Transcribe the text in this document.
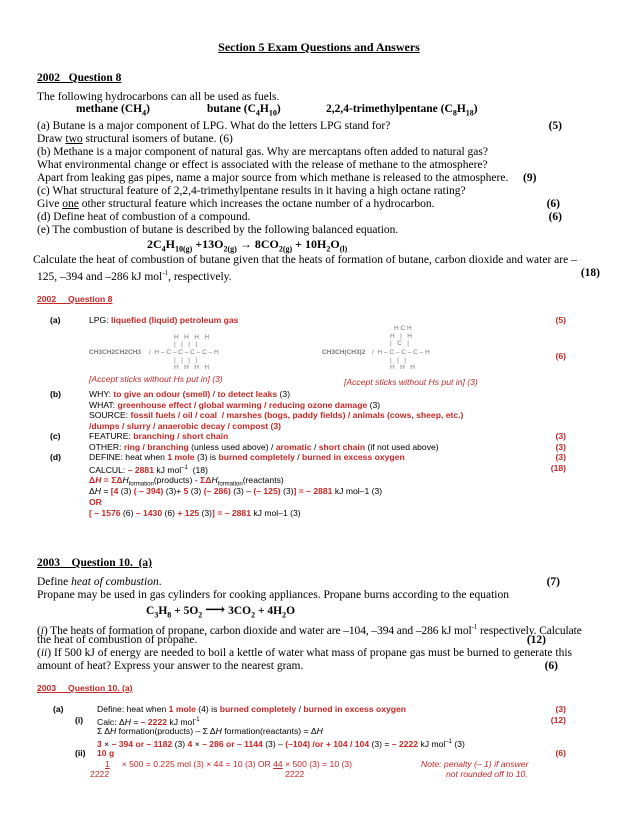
Section 5 Exam Questions and Answers
2002   Question 8
The following hydrocarbons can all be used as fuels.
methane $(CH_4)$	butane $(C_4H_{10})$	2,2,4-trimethylpentane $(C_8H_{18})$
(a) Butane is a major component of LPG. What do the letters LPG stand for?	(5)
Draw two structural isomers of butane. (6)
(b) Methane is a major component of natural gas. Why are mercaptans often added to natural gas?
What environmental change or effect is associated with the release of methane to the atmosphere?
Apart from leaking gas pipes, name a major source from which methane is released to the atmosphere. (9)
(c) What structural feature of 2,2,4-trimethylpentane results in it having a high octane rating?
Give one other structural feature which increases the octane number of a hydrocarbon.	(6)
(d) Define heat of combustion of a compound.	(6)
(e) The combustion of butane is described by the following balanced equation.
$2C_4H_{10(g)} +13O_{2(g)} \to 8CO_{2(g)} + 10H_2O_{(l)}$
Calculate the heat of combustion of butane given that the heats of formation of butane, carbon dioxide and water are –
125, –394 and –286 kJ mol$^{-1}$, respectively.	(18)
2002     Question 8
(a)	LPG: liquefied (liquid) petroleum gas	(5)
H   H   H   H
|   |   |   |
CH3CH2CH2CH3 /  H – C – C – C – C – H
|   |   |   |
H   H   H   H
H C H
H   |   H
|   C   |
CH3CH(CH3)2 /  H – C – C – C – H
|   |   |
H   H   H
(6)
[Accept sticks without Hs put in] (3)	[Accept sticks without Hs put in] (3)
(b)	WHY: to give an odour (smell) / to detect leaks (3)
WHAT: greenhouse effect / global warming / reducing ozone damage (3)
SOURCE: fossil fuels / oil / coal  / marshes (bogs, paddy fields) / animals (cows, sheep, etc.)
/dumps / slurry / anaerobic decay / compost (3)
(c)	FEATURE: branching / short chain	(3)
OTHER: ring / branching (unless used above) / aromatic / short chain (if not used above)	(3)
(d)	DEFINE: heat when 1 mole (3) is burned completely / burned in excess oxygen	(3)
CALCUL: – 2881 kJ mol$^{-1}$  (18)	(18)
$\Delta H = \Sigma\Delta H_{formation}(products)$ - $\Sigma\Delta H_{formation}(reactants)$
ΔH = [4 (3) ( – 394) (3)+ 5 (3) (– 286) (3) – (– 125) (3)] = – 2881 kJ mol–1 (3)
OR
[ – 1576 (6) – 1430 (6) + 125 (3)] = – 2881 kJ mol–1 (3)
2003    Question 10.  (a)
Define heat of combustion.	(7)
Propane may be used in gas cylinders for cooking appliances. Propane burns according to the equation
$C_3H_8 + 5O_2$ ⟶ $3CO_2 + 4H_2O$
(i) The heats of formation of propane, carbon dioxide and water are –104, –394 and –286 kJ mol$^{-1}$ respectively. Calculate
the heat of combustion of propane.	(12)
(ii) If 500 kJ of energy are needed to boil a kettle of water what mass of propane gas must be burned to generate this
amount of heat? Express your answer to the nearest gram.	(6)
2003     Question 10. (a)
(a)	Define: heat when 1 mole (4) is burned completely / burned in excess oxygen	(3)
(i) Calc: ΔH = – 2222 kJ mol$^{-1}$	(12)
Σ ΔH formation(products) – Σ ΔH formation(reactants) = ΔH
3 × – 394 or – 1182 (3) 4 × – 286 or – 1144 (3) – (–104) /or + 104 / 104 (3) = – 2222 kJ mol$^{-1}$ (3)
(ii) 10 g	(6)
1     × 500 = 0.225 mol (3) × 44 = 10 (3) OR 44 × 500 (3) = 10 (3)
2222	2222
Note: penalty (– 1) if answer
not rounded off to 10.
